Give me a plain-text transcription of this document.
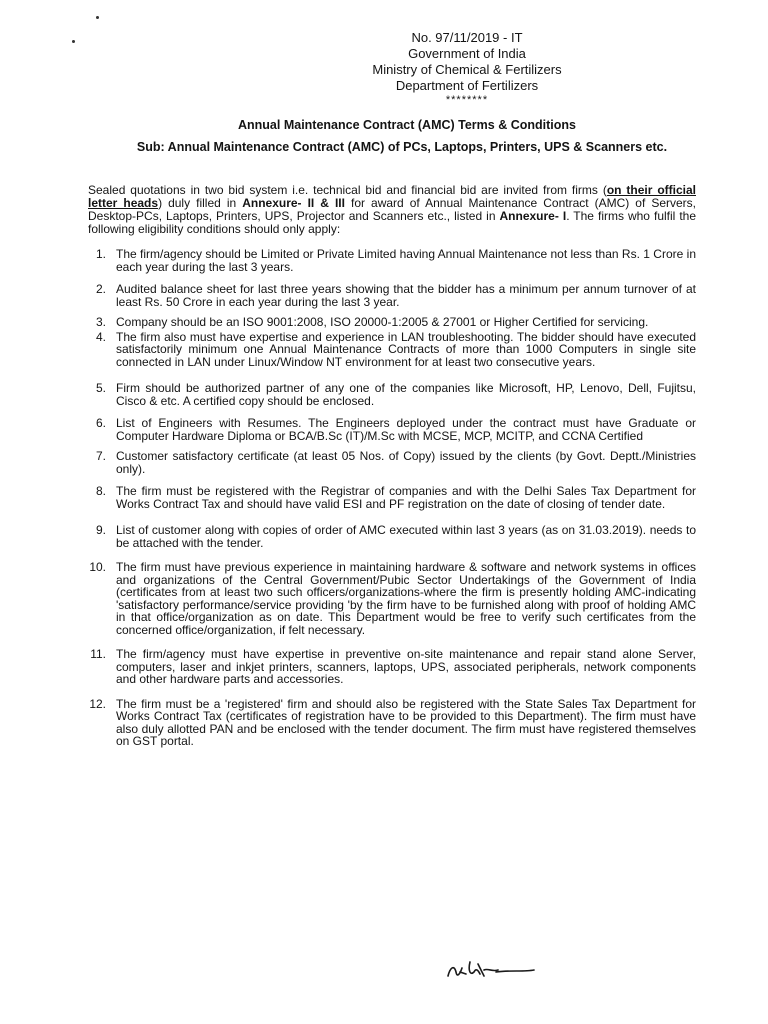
No. 97/11/2019 - IT
Government of India
Ministry of Chemical & Fertilizers
Department of Fertilizers
********
Annual Maintenance Contract (AMC) Terms & Conditions
Sub: Annual Maintenance Contract (AMC) of PCs, Laptops, Printers, UPS & Scanners etc.

Sealed quotations in two bid system i.e. technical bid and financial bid are invited from firms (on their official letter heads) duly filled in Annexure- II & III for award of Annual Maintenance Contract (AMC) of Servers, Desktop-PCs, Laptops, Printers, UPS, Projector and Scanners etc., listed in Annexure- I. The firms who fulfil the following eligibility conditions should only apply:

1. The firm/agency should be Limited or Private Limited having Annual Maintenance not less than Rs. 1 Crore in each year during the last 3 years.
2. Audited balance sheet for last three years showing that the bidder has a minimum per annum turnover of at least Rs. 50 Crore in each year during the last 3 year.
3. Company should be an ISO 9001:2008, ISO 20000-1:2005 & 27001 or Higher Certified for servicing.
4. The firm also must have expertise and experience in LAN troubleshooting. The bidder should have executed satisfactorily minimum one Annual Maintenance Contracts of more than 1000 Computers in single site connected in LAN under Linux/Window NT environment for at least two consecutive years.
5. Firm should be authorized partner of any one of the companies like Microsoft, HP, Lenovo, Dell, Fujitsu, Cisco & etc. A certified copy should be enclosed.
6. List of Engineers with Resumes. The Engineers deployed under the contract must have Graduate or Computer Hardware Diploma or BCA/B.Sc (IT)/M.Sc with MCSE, MCP, MCITP, and CCNA Certified
7. Customer satisfactory certificate (at least 05 Nos. of Copy) issued by the clients (by Govt. Deptt./Ministries only).
8. The firm must be registered with the Registrar of companies and with the Delhi Sales Tax Department for Works Contract Tax and should have valid ESI and PF registration on the date of closing of tender date.
9. List of customer along with copies of order of AMC executed within last 3 years (as on 31.03.2019). needs to be attached with the tender.
10. The firm must have previous experience in maintaining hardware & software and network systems in offices and organizations of the Central Government/Pubic Sector Undertakings of the Government of India (certificates from at least two such officers/organizations-where the firm is presently holding AMC-indicating 'satisfactory performance/service providing 'by the firm have to be furnished along with proof of holding AMC in that office/organization as on date. This Department would be free to verify such certificates from the concerned office/organization, if felt necessary.
11. The firm/agency must have expertise in preventive on-site maintenance and repair stand alone Server, computers, laser and inkjet printers, scanners, laptops, UPS, associated peripherals, network components and other hardware parts and accessories.
12. The firm must be a 'registered' firm and should also be registered with the State Sales Tax Department for Works Contract Tax (certificates of registration have to be provided to this Department). The firm must have also duly allotted PAN and be enclosed with the tender document. The firm must have registered themselves on GST portal.
